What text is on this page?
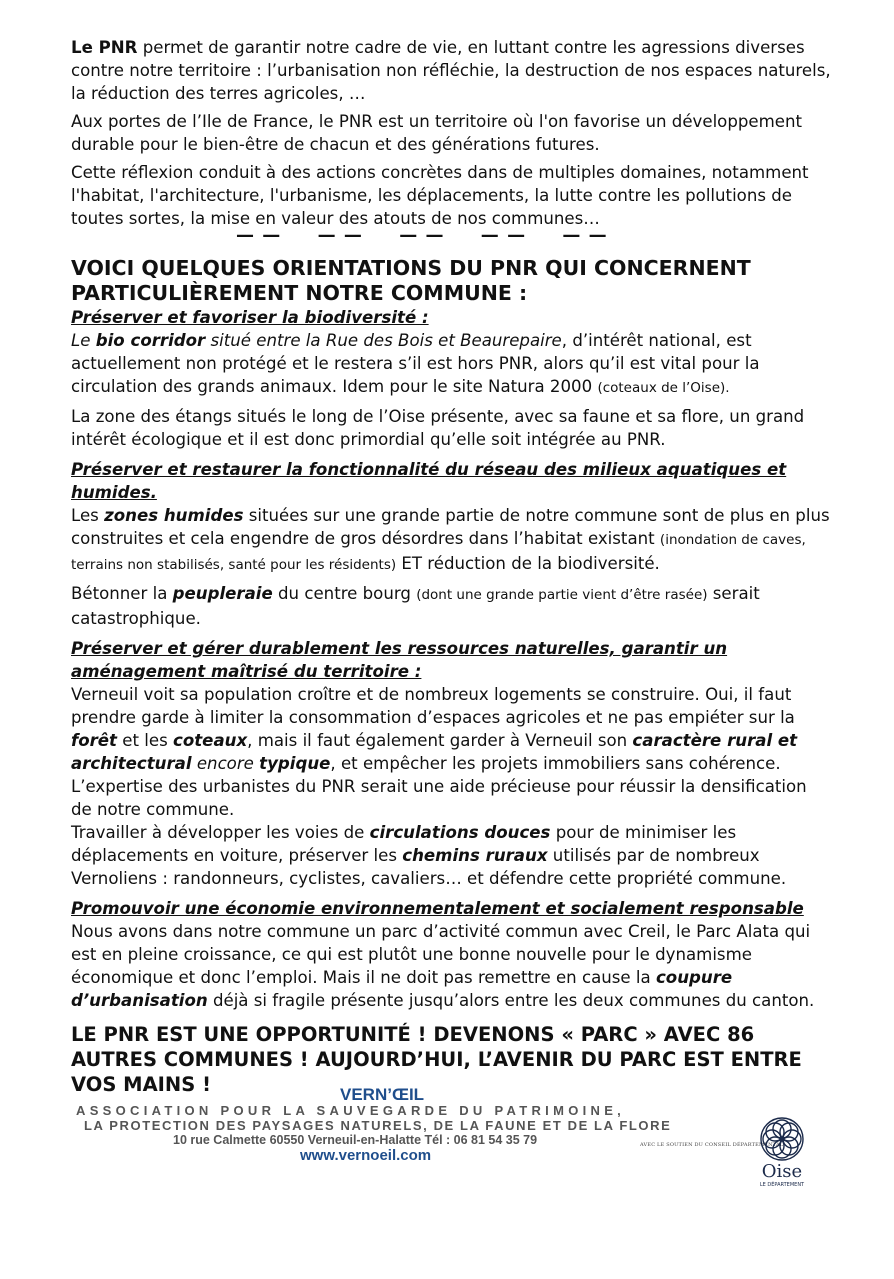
Le PNR permet de garantir notre cadre de vie, en luttant contre les agressions diverses contre notre territoire : l’urbanisation non réfléchie, la destruction de nos espaces naturels, la réduction des terres agricoles, …

Aux portes de l’Ile de France, le PNR est un territoire où l'on favorise un développement durable pour le bien-être de chacun et des générations futures.

Cette réflexion conduit à des actions concrètes dans de multiples domaines, notamment l'habitat, l'architecture, l'urbanisme, les déplacements, la lutte contre les pollutions de toutes sortes, la mise en valeur des atouts de nos communes…

— —     — —     — —     — —     — —

VOICI QUELQUES ORIENTATIONS DU PNR QUI CONCERNENT PARTICULIÈREMENT NOTRE COMMUNE :

Préserver et favoriser la biodiversité :

Le bio corridor situé entre la Rue des Bois et Beaurepaire, d’intérêt national, est actuellement non protégé et le restera s’il est hors PNR, alors qu’il est vital pour la circulation des grands animaux. Idem pour le site Natura 2000 (coteaux de l’Oise).

La zone des étangs situés le long de l’Oise présente, avec sa faune et sa flore, un grand intérêt écologique et il est donc primordial qu’elle soit intégrée au PNR.

Préserver et restaurer la fonctionnalité du réseau des milieux aquatiques et humides.

Les zones humides situées sur une grande partie de notre commune sont de plus en plus construites et cela engendre de gros désordres dans l’habitat existant (inondation de caves, terrains non stabilisés, santé pour les résidents) ET réduction de la biodiversité.

Bétonner la peupleraie du centre bourg (dont une grande partie vient d’être rasée) serait catastrophique.

Préserver et gérer durablement les ressources naturelles, garantir un aménagement maîtrisé du territoire :

Verneuil voit sa population croître et de nombreux logements se construire. Oui, il faut prendre garde à limiter la consommation d’espaces agricoles et ne pas empiéter sur la forêt et les coteaux, mais il faut également garder à Verneuil son caractère rural et architectural encore typique, et empêcher les projets immobiliers sans cohérence.

L’expertise des urbanistes du PNR serait une aide précieuse pour réussir la densification de notre commune.

Travailler à développer les voies de circulations douces pour de minimiser les déplacements en voiture, préserver les chemins ruraux utilisés par de nombreux Vernoliens : randonneurs, cyclistes, cavaliers… et défendre cette propriété commune.

Promouvoir une économie environnementalement et socialement responsable

Nous avons dans notre commune un parc d’activité commun avec Creil, le Parc Alata qui est en pleine croissance, ce qui est plutôt une bonne nouvelle pour le dynamisme économique et donc l’emploi. Mais il ne doit pas remettre en cause la coupure d’urbanisation déjà si fragile présente jusqu’alors entre les deux communes du canton.

LE PNR EST UNE OPPORTUNITÉ ! DEVENONS « PARC » AVEC 86 AUTRES COMMUNES ! AUJOURD’HUI, L’AVENIR DU PARC EST ENTRE VOS MAINS !	VERN’ŒIL
ASSOCIATION POUR LA SAUVEGARDE DU PATRIMOINE,
LA PROTECTION DES PAYSAGES NATURELS, DE LA FAUNE ET DE LA FLORE
10 rue Calmette 60550 Verneuil-en-Halatte Tél : 06 81 54 35 79
www.vernoeil.com
AVEC LE SOUTIEN DU CONSEIL DÉPARTEMENTAL
Oise
LE DÉPARTEMENT
